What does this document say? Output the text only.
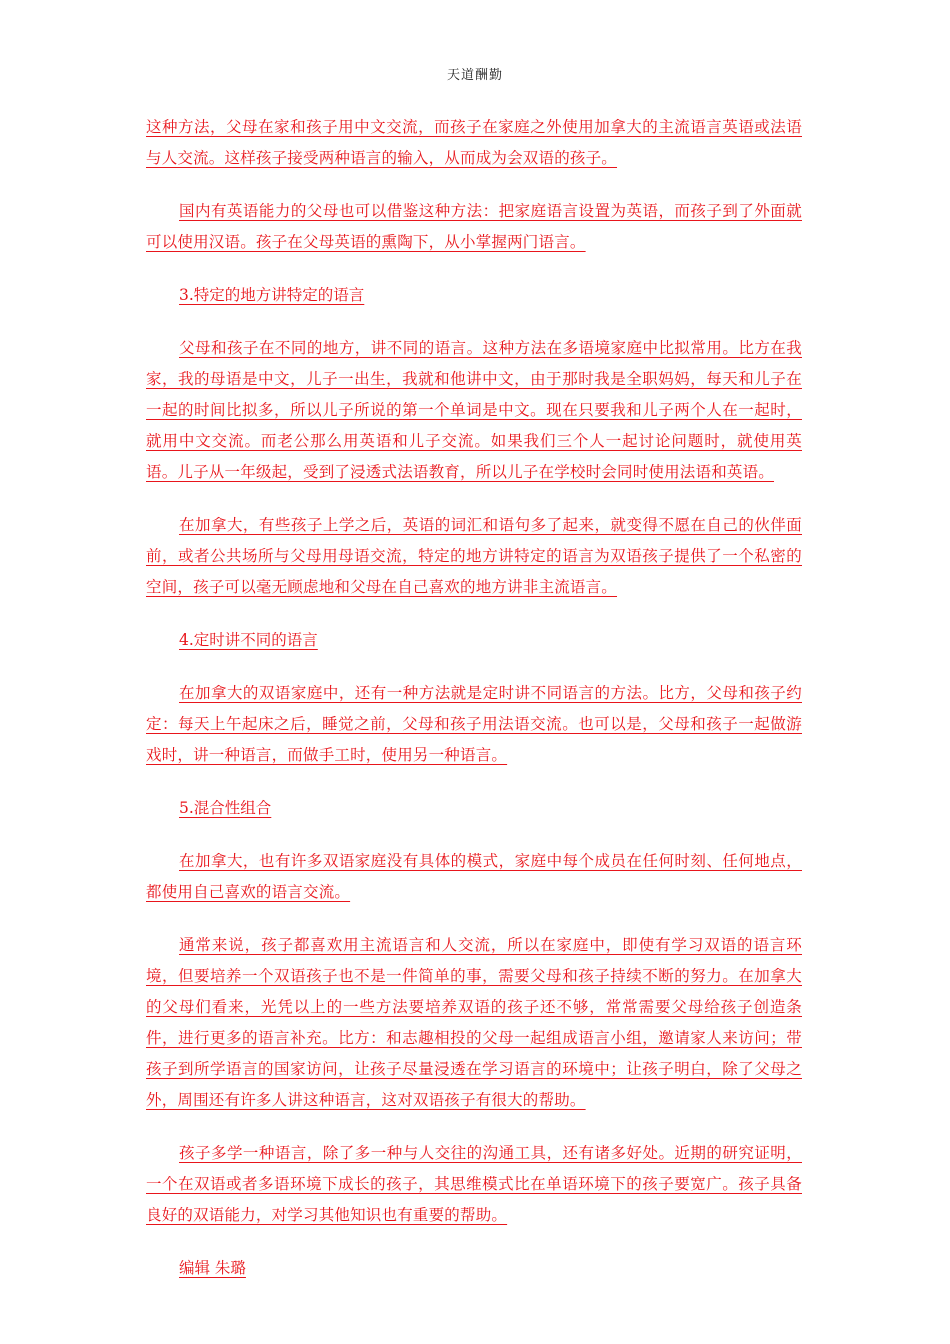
天道酬勤

这种方法，父母在家和孩子用中文交流，而孩子在家庭之外使用加拿大的主流语言英语或法语与人交流。这样孩子接受两种语言的输入，从而成为会双语的孩子。

国内有英语能力的父母也可以借鉴这种方法：把家庭语言设置为英语，而孩子到了外面就可以使用汉语。孩子在父母英语的熏陶下，从小掌握两门语言。

3.特定的地方讲特定的语言

父母和孩子在不同的地方，讲不同的语言。这种方法在多语境家庭中比拟常用。比方在我家，我的母语是中文，儿子一出生，我就和他讲中文，由于那时我是全职妈妈，每天和儿子在一起的时间比拟多，所以儿子所说的第一个单词是中文。现在只要我和儿子两个人在一起时，就用中文交流。而老公那么用英语和儿子交流。如果我们三个人一起讨论问题时，就使用英语。儿子从一年级起，受到了浸透式法语教育，所以儿子在学校时会同时使用法语和英语。

在加拿大，有些孩子上学之后，英语的词汇和语句多了起来，就变得不愿在自己的伙伴面前，或者公共场所与父母用母语交流，特定的地方讲特定的语言为双语孩子提供了一个私密的空间，孩子可以毫无顾虑地和父母在自己喜欢的地方讲非主流语言。

4.定时讲不同的语言

在加拿大的双语家庭中，还有一种方法就是定时讲不同语言的方法。比方，父母和孩子约定：每天上午起床之后，睡觉之前，父母和孩子用法语交流。也可以是，父母和孩子一起做游戏时，讲一种语言，而做手工时，使用另一种语言。

5.混合性组合

在加拿大，也有许多双语家庭没有具体的模式，家庭中每个成员在任何时刻、任何地点，都使用自己喜欢的语言交流。

通常来说，孩子都喜欢用主流语言和人交流，所以在家庭中，即使有学习双语的语言环境，但要培养一个双语孩子也不是一件简单的事，需要父母和孩子持续不断的努力。在加拿大的父母们看来，光凭以上的一些方法要培养双语的孩子还不够，常常需要父母给孩子创造条件，进行更多的语言补充。比方：和志趣相投的父母一起组成语言小组，邀请家人来访问；带孩子到所学语言的国家访问，让孩子尽量浸透在学习语言的环境中；让孩子明白，除了父母之外，周围还有许多人讲这种语言，这对双语孩子有很大的帮助。

孩子多学一种语言，除了多一种与人交往的沟通工具，还有诸多好处。近期的研究证明，一个在双语或者多语环境下成长的孩子，其思维模式比在单语环境下的孩子要宽广。孩子具备良好的双语能力，对学习其他知识也有重要的帮助。

编辑 朱璐
